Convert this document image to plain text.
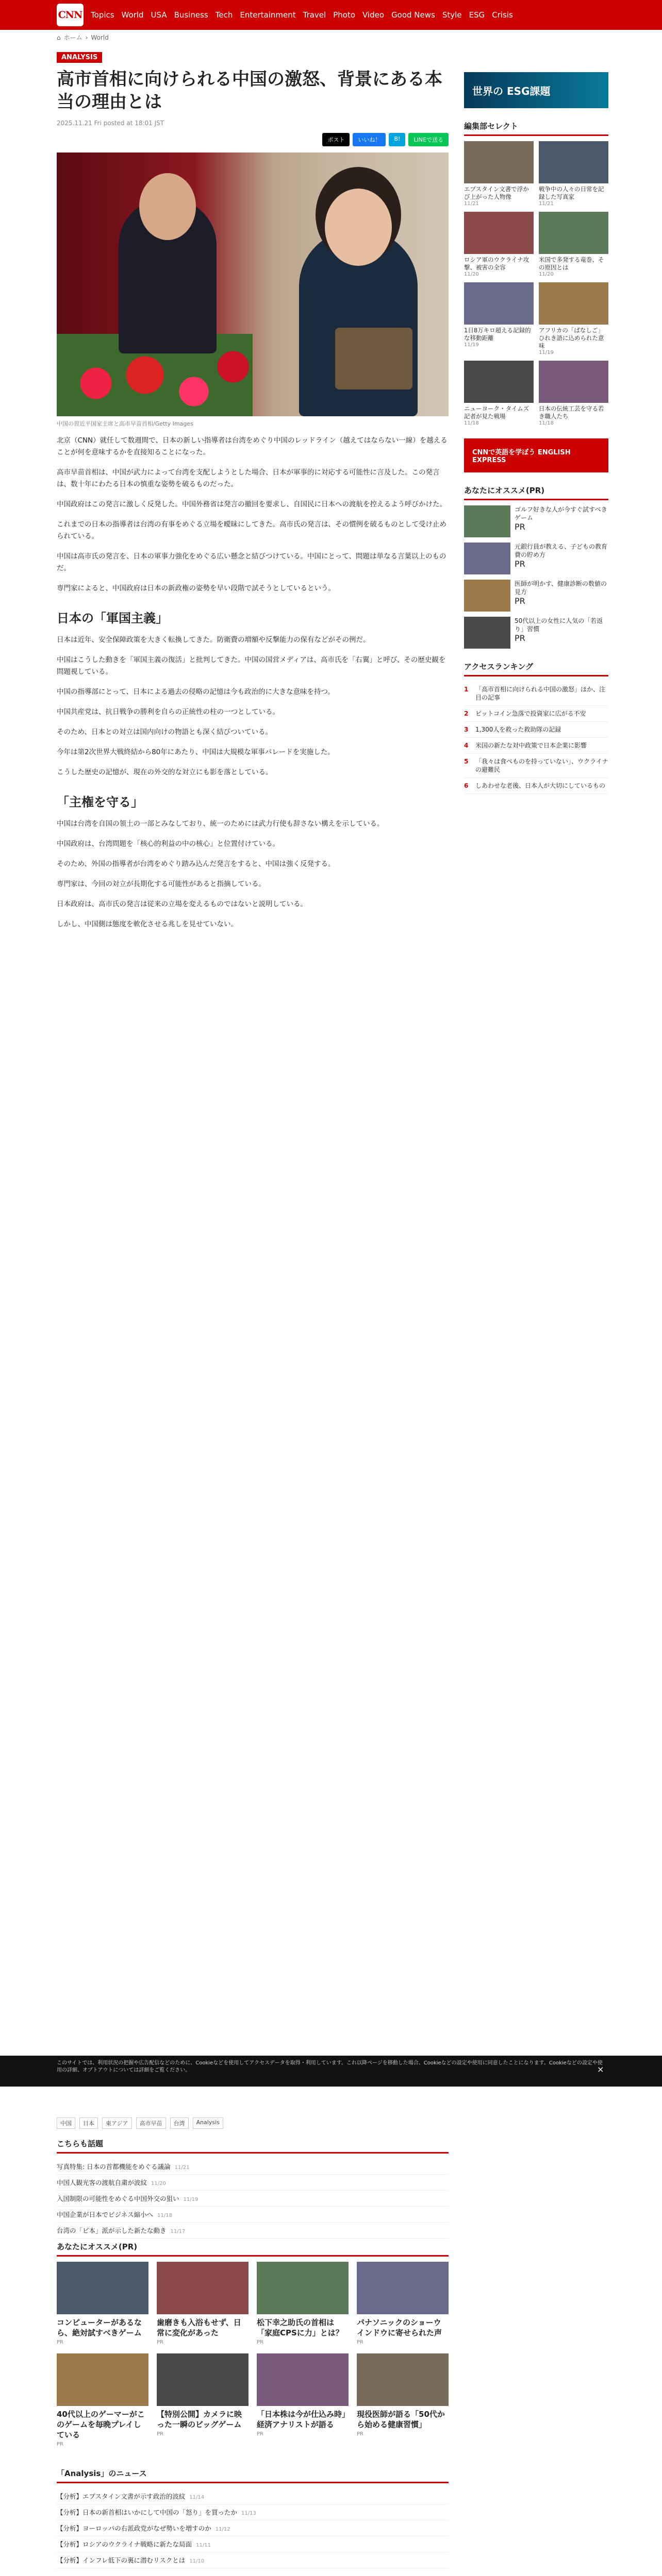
CNN Topics World USA Business Tech Entertainment Travel Photo Video Good News Style ESG Crisis
⌂ ホーム › World
ANALYSIS
高市首相に向けられる中国の激怒、背景にある本当の理由とは
2025.11.21 Fri posted at 18:01 JST
ポスト	いいね！	B!	LINEで送る
中国の習近平国家主席と高市早苗首相/Getty Images

北京（CNN）就任して数週間で、日本の新しい指導者は台湾をめぐり中国のレッドライン（越えてはならない一線）を越えることが何を意味するかを直接知ることになった。

高市早苗首相は、中国が武力によって台湾を支配しようとした場合、日本が軍事的に対応する可能性に言及した。この発言は、数十年にわたる日本の慎重な姿勢を破るものだった。

中国政府はこの発言に激しく反発した。中国外務省は発言の撤回を要求し、自国民に日本への渡航を控えるよう呼びかけた。

これまでの日本の指導者は台湾の有事をめぐる立場を曖昧にしてきた。高市氏の発言は、その慣例を破るものとして受け止められている。

中国は高市氏の発言を、日本の軍事力強化をめぐる広い懸念と結びつけている。中国にとって、問題は単なる言葉以上のものだ。

専門家によると、中国政府は日本の新政権の姿勢を早い段階で試そうとしているという。

日本の「軍国主義」

日本は近年、安全保障政策を大きく転換してきた。防衛費の増額や反撃能力の保有などがその例だ。

中国はこうした動きを「軍国主義の復活」と批判してきた。中国の国営メディアは、高市氏を「右翼」と呼び、その歴史観を問題視している。

中国の指導部にとって、日本による過去の侵略の記憶は今も政治的に大きな意味を持つ。

中国共産党は、抗日戦争の勝利を自らの正統性の柱の一つとしている。

そのため、日本との対立は国内向けの物語とも深く結びついている。

今年は第2次世界大戦終結から80年にあたり、中国は大規模な軍事パレードを実施した。

こうした歴史の記憶が、現在の外交的な対立にも影を落としている。

「主権を守る」

中国は台湾を自国の領土の一部とみなしており、統一のためには武力行使も辞さない構えを示している。

中国政府は、台湾問題を「核心的利益の中の核心」と位置付けている。

そのため、外国の指導者が台湾をめぐり踏み込んだ発言をすると、中国は強く反発する。

専門家は、今回の対立が長期化する可能性があると指摘している。

日本政府は、高市氏の発言は従来の立場を変えるものではないと説明している。

しかし、中国側は態度を軟化させる兆しを見せていない。

世界の ESG課題
編集部セレクト
エプスタイン文書で浮かび上がった人物像
11/21
戦争中の人々の日常を記録した写真家
11/21
ロシア軍のウクライナ攻撃、被害の全容
11/20
米国で多発する竜巻、その原因とは
11/20
1日8万キロ超える記録的な移動距離
11/19
アフリカの「ぱなしご」ひれき語に込められた意味
11/19
ニューヨーク・タイムズ記者が見た戦場
11/18
日本の伝統工芸を守る若き職人たち
11/18
CNNで英語を学ぼう ENGLISH EXPRESS
あなたにオススメ(PR)
ゴルフ好きな人が今すぐ試すべきゲーム
PR
元銀行員が教える、子どもの教育費の貯め方
PR
医師が明かす、健康診断の数値の見方
PR
50代以上の女性に人気の「若返り」習慣
PR
アクセスランキング
1	「高市首相に向けられる中国の激怒」ほか、注目の記事
2	ビットコイン急落で投資家に広がる不安
3	1,300人を救った救助隊の記録
4	米国の新たな対中政策で日本企業に影響
5	「我々は食べものを持っていない」、ウクライナの避難民
6	しあわせな老後、日本人が大切にしているもの
このサイトでは、利用状況の把握や広告配信などのために、Cookieなどを使用してアクセスデータを取得・利用しています。これ以降ページを移動した場合、Cookieなどの設定や使用に同意したことになります。Cookieなどの設定や使用の詳細、オプトアウトについては詳細をご覧ください。	×
中国	日本	東アジア	高市早苗	台湾	Analysis
こちらも話題
写真特集: 日本の首都機能をめぐる議論 11/21
中国人観光客の渡航自粛が波紋 11/20
入国制限の可能性をめぐる中国外交の狙い 11/19
中国企業が日本でビジネス縮小へ 11/18
台湾の「ビ本」派が示した新たな動き 11/17
あなたにオススメ(PR)
コンピューターがあるなら、絶対試すべきゲーム
PR
歯磨きも入浴もせず、日常に変化があった
PR
松下幸之助氏の首相は「家庭CPSに力」とは？
PR
パナソニックのショーウインドウに寄せられた声
PR
40代以上のゲーマーがこのゲームを毎晩プレイしている
PR
【特別公開】カメラに映った一瞬のビッグゲーム
PR
「日本株は今が仕込み時」経済アナリストが語る
PR
現役医師が語る「50代から始める健康習慣」
PR
「Analysis」のニュース
【分析】エプスタイン文書が示す政治的波紋 11/14
【分析】日本の新首相はいかにして中国の「怒り」を買ったか 11/13
【分析】ヨーロッパの右派政党がなぜ勢いを増すのか 11/12
【分析】ロシアのウクライナ戦略に新たな局面 11/11
【分析】インフレ低下の裏に潜むリスクとは 11/10
